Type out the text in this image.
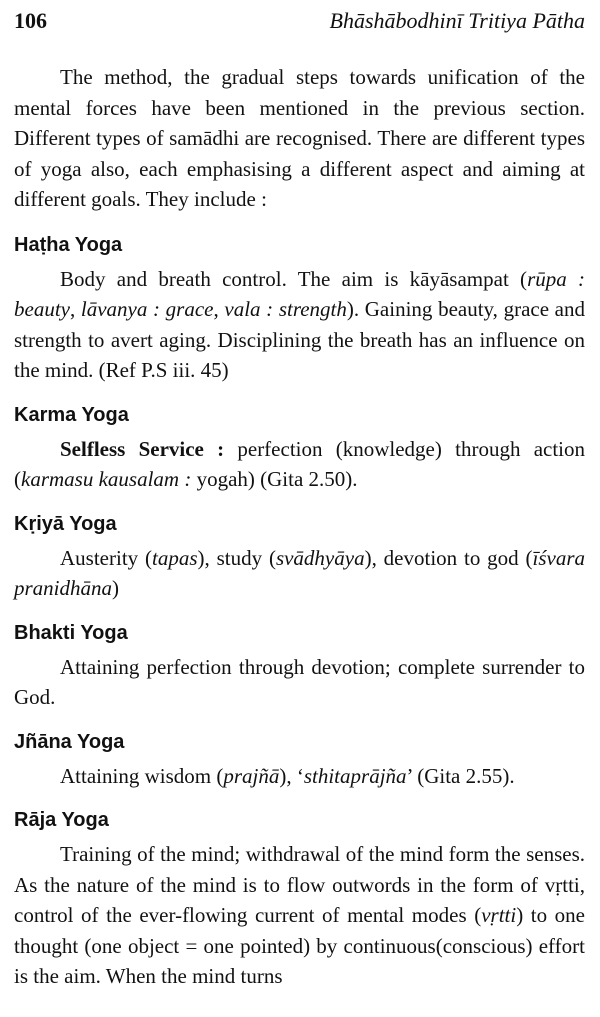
106	Bhāshābodhinī Tritiya Pātha

The method, the gradual steps towards unification of the mental forces have been mentioned in the previous section. Different types of samādhi are recognised. There are different types of yoga also, each emphasising a different aspect and aiming at different goals. They include :

Haṭha Yoga

Body and breath control. The aim is kāyāsampat (rūpa : beauty, lāvanya : grace, vala : strength). Gaining beauty, grace and strength to avert aging. Disciplining the breath has an influence on the mind. (Ref P.S iii. 45)

Karma Yoga

Selfless Service : perfection (knowledge) through action (karmasu kausalam : yogah) (Gita 2.50).

Kṛiyā Yoga

Austerity (tapas), study (svādhyāya), devotion to god (īśvara pranidhāna)

Bhakti Yoga

Attaining perfection through devotion; complete surrender to God.

Jñāna Yoga

Attaining wisdom (prajñā), ‘sthitaprājña’ (Gita 2.55).

Rāja Yoga

Training of the mind; withdrawal of the mind form the senses. As the nature of the mind is to flow outwords in the form of vṛtti, control of the ever-flowing current of mental modes (vṛtti) to one thought (one object = one pointed) by continuous(conscious) effort is the aim. When the mind turns
